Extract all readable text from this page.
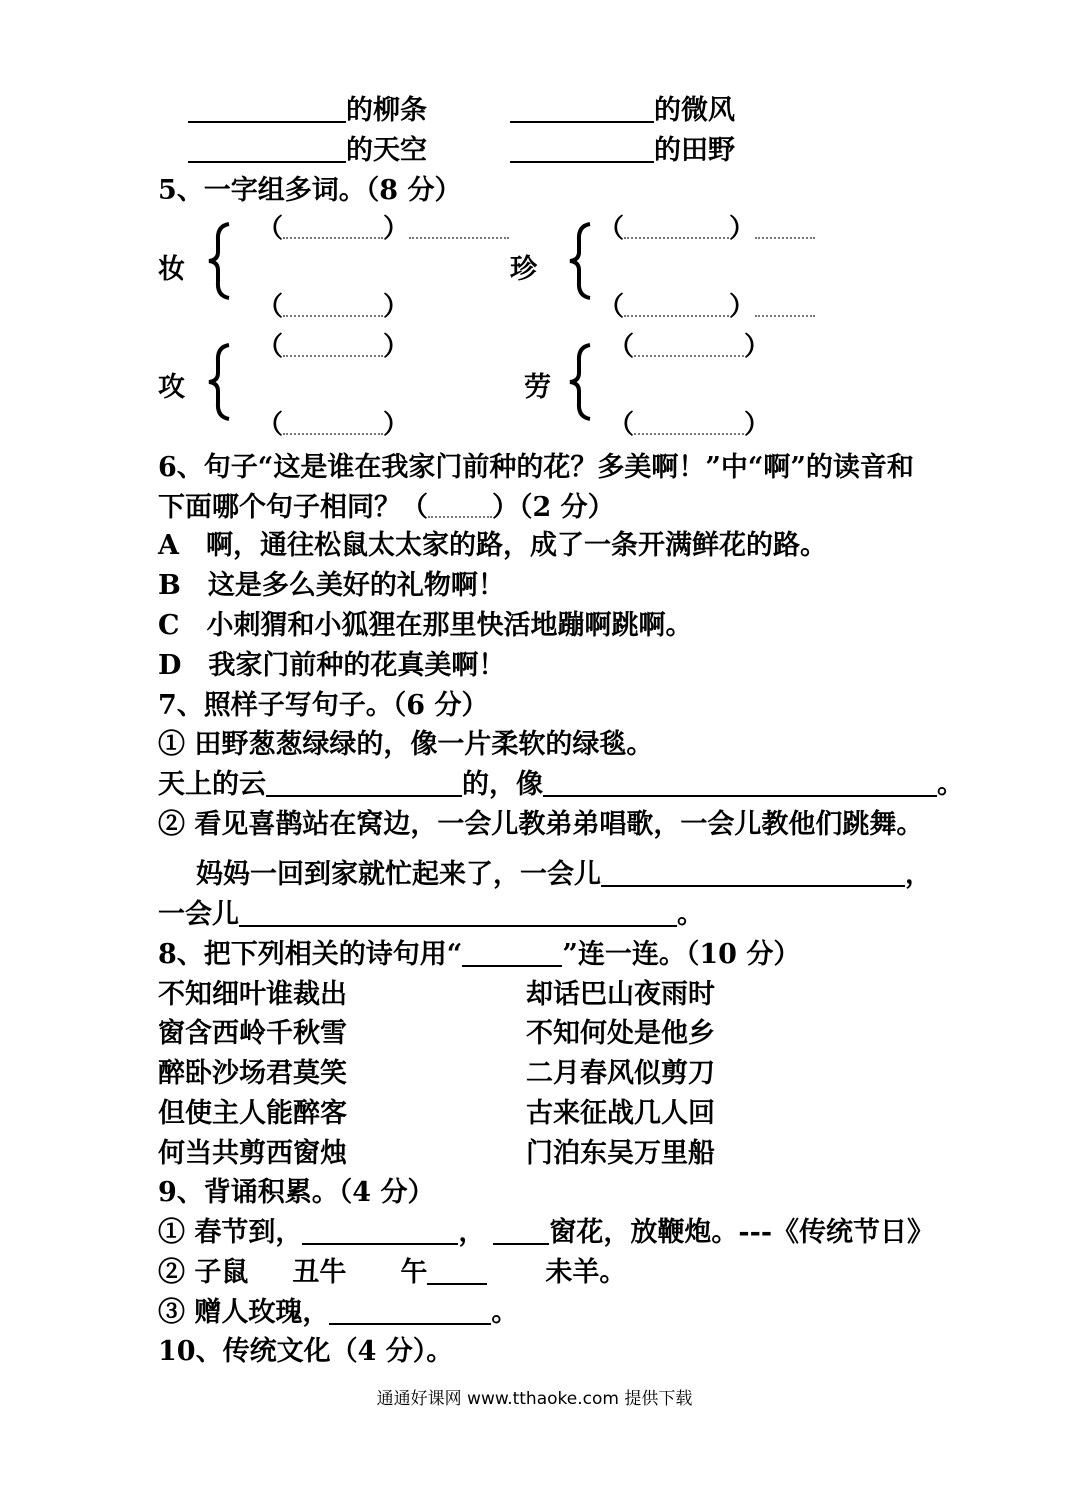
的柳条	的微风
的天空	的田野
5、一字组多词。（8 分）
妆
（	）
（	）
珍
（	）
（	）
攻
（	）
（	）
劳
（	）
（	）
6、句子“这是谁在我家门前种的花？多美啊！”中“啊”的读音和
下面哪个句子相同？（ ）（2 分）
A　啊，通往松鼠太太家的路，成了一条开满鲜花的路。
B　这是多么美好的礼物啊！
C　小刺猬和小狐狸在那里快活地蹦啊跳啊。
D　我家门前种的花真美啊！
7、照样子写句子。（6 分）
① 田野葱葱绿绿的，像一片柔软的绿毯。
天上的云	的，像	。
② 看见喜鹊站在窝边，一会儿教弟弟唱歌，一会儿教他们跳舞。
妈妈一回到家就忙起来了，一会儿	，
一会儿	。
8、把下列相关的诗句用“	”连一连。（10 分）
不知细叶谁裁出	却话巴山夜雨时
窗含西岭千秋雪	不知何处是他乡
醉卧沙场君莫笑	二月春风似剪刀
但使主人能醉客	古来征战几人回
何当共剪西窗烛	门泊东吴万里船
9、背诵积累。（4 分）
① 春节到，	， 窗花，放鞭炮。---《传统节日》
② 子鼠 丑牛 午	未羊。
③ 赠人玫瑰，	。
10、传统文化（4 分）。
通通好课网 www.tthaoke.com 提供下载
